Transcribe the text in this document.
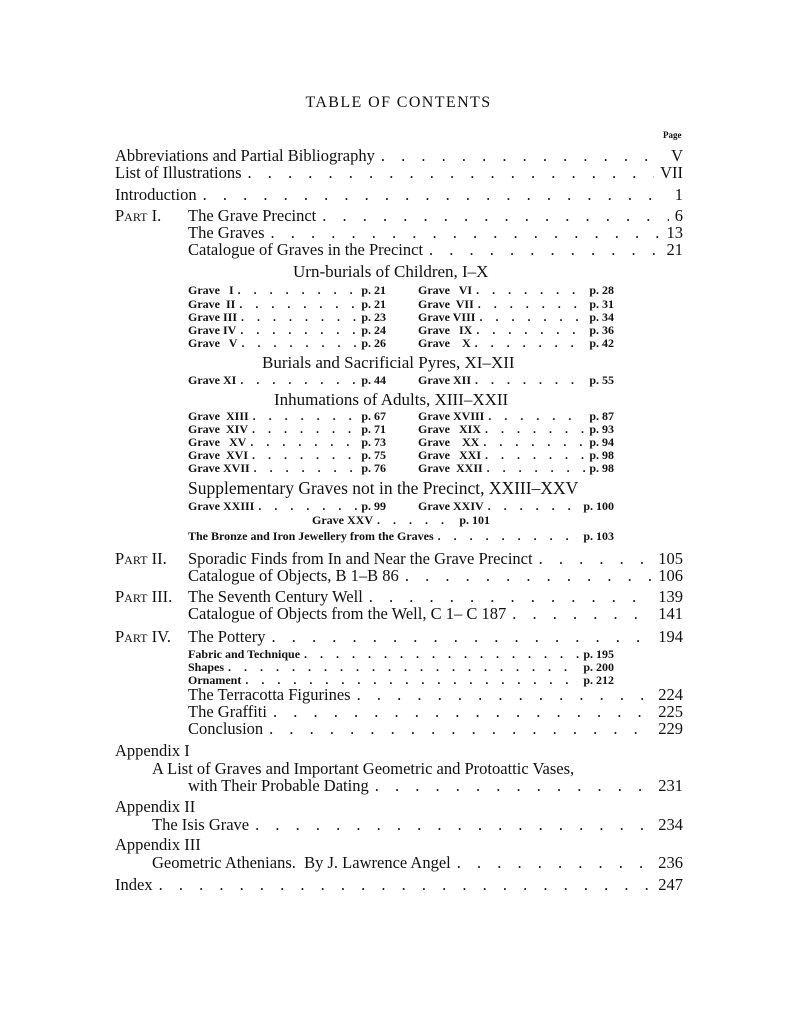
TABLE OF CONTENTS
Page
Abbreviations and Partial Bibliography . . .	V
List of Illustrations . . .	VII
Introduction . . .	1
Part I. The Grave Precinct . . .	6
The Graves . . .	13
Catalogue of Graves in the Precinct . . .	21
Urn-burials of Children, I–X
Grave   I . . .	p. 21
Grave  II . . .	p. 21
Grave III . . .	p. 23
Grave IV . . .	p. 24
Grave   V . . .	p. 26
Grave   VI . . .	p. 28
Grave  VII . . .	p. 31
Grave VIII . . .	p. 34
Grave   IX . . .	p. 36
Grave    X . . .	p. 42
Burials and Sacrificial Pyres, XI–XII
Grave XI . . .	p. 44	Grave XII . . .	p. 55
Inhumations of Adults, XIII–XXII
Grave  XIII . . .	p. 67
Grave  XIV . . .	p. 71
Grave   XV . . .	p. 73
Grave  XVI . . .	p. 75
Grave XVII . . .	p. 76
Grave XVIII . . .	p. 87
Grave   XIX . . .	p. 93
Grave    XX . . .	p. 94
Grave   XXI . . .	p. 98
Grave  XXII . . .	p. 98
Supplementary Graves not in the Precinct, XXIII–XXV
Grave XXIII . . .	p. 99	Grave XXIV . . .	p. 100
Grave XXV . . .	p. 101
The Bronze and Iron Jewellery from the Graves . . .	p. 103
Part II. Sporadic Finds from In and Near the Grave Precinct . . .	105
Catalogue of Objects, B 1–B 86 . . .	106
Part III. The Seventh Century Well . . .	139
Catalogue of Objects from the Well, C 1– C 187 . . .	141
Part IV. The Pottery . . .	194
Fabric and Technique . . .	p. 195
Shapes . . .	p. 200
Ornament . . .	p. 212
The Terracotta Figurines . . .	224
The Graffiti . . .	225
Conclusion . . .	229
Appendix I
A List of Graves and Important Geometric and Protoattic Vases,
with Their Probable Dating . . .	231
Appendix II
The Isis Grave . . .	234
Appendix III
Geometric Athenians.  By J. Lawrence Angel . . .	236
Index . . .	247
